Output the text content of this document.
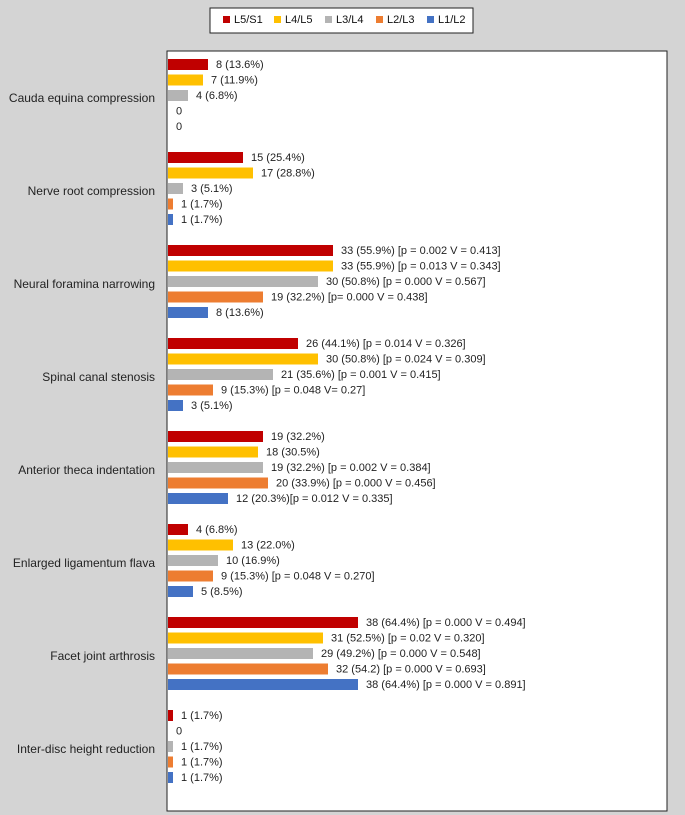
L5/S1 L4/L5 L3/L4 L2/L3 L1/L2
8 (13.6%)
7 (11.9%)
4 (6.8%)
0
0
15 (25.4%)
17 (28.8%)
3 (5.1%)
1 (1.7%)
1 (1.7%)
33 (55.9%) [p = 0.002 V = 0.413]
33 (55.9%) [p = 0.013 V = 0.343]
30 (50.8%) [p = 0.000 V = 0.567]
19 (32.2%) [p= 0.000 V = 0.438]
8 (13.6%)
26 (44.1%) [p = 0.014 V = 0.326]
30 (50.8%) [p = 0.024 V = 0.309]
21 (35.6%) [p = 0.001 V = 0.415]
9 (15.3%) [p = 0.048 V= 0.27]
3 (5.1%)
19 (32.2%)
18 (30.5%)
19 (32.2%) [p = 0.002 V = 0.384]
20 (33.9%) [p = 0.000 V = 0.456]
12 (20.3%)[p = 0.012 V = 0.335]
4 (6.8%)
13 (22.0%)
10 (16.9%)
9 (15.3%) [p = 0.048 V = 0.270]
5 (8.5%)
38 (64.4%) [p = 0.000 V = 0.494]
31 (52.5%) [p = 0.02 V = 0.320]
29 (49.2%) [p = 0.000 V = 0.548]
32 (54.2) [p = 0.000 V = 0.693]
38 (64.4%) [p = 0.000 V = 0.891]
1 (1.7%)
0
1 (1.7%)
1 (1.7%)
1 (1.7%)
Cauda equina compression
Nerve root compression
Neural foramina narrowing
Spinal canal stenosis
Anterior theca indentation
Enlarged ligamentum flava
Facet joint arthrosis
Inter-disc height reduction
